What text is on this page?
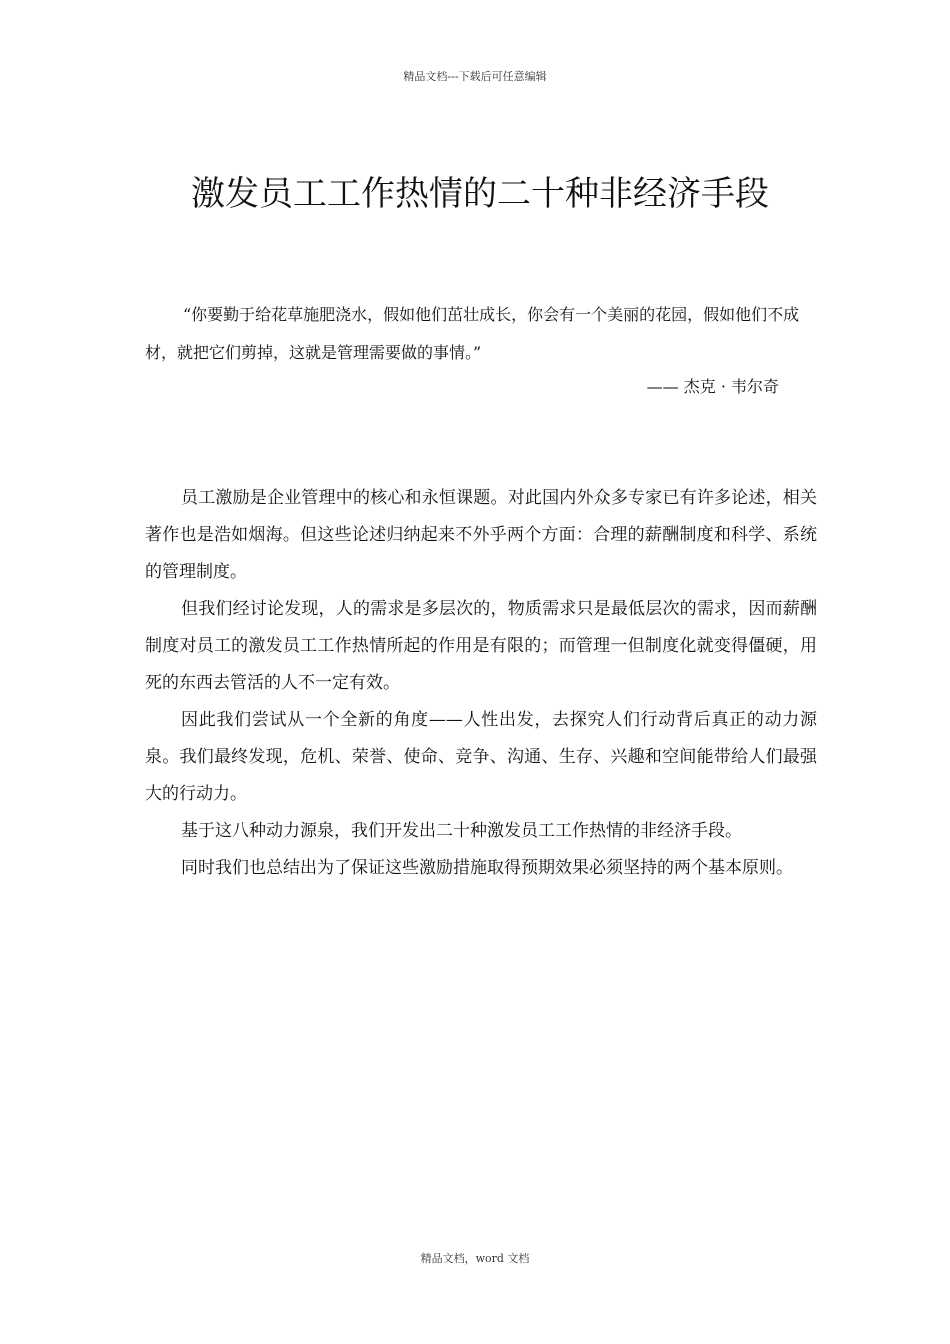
精品文档---下载后可任意编辑
激发员工工作热情的二十种非经济手段

“你要勤于给花草施肥浇水，假如他们茁壮成长，你会有一个美丽的花园，假如他们不成材，就把它们剪掉，这就是管理需要做的事情。”

—— 杰克 · 韦尔奇

员工激励是企业管理中的核心和永恒课题。对此国内外众多专家已有许多论述，相关著作也是浩如烟海。但这些论述归纳起来不外乎两个方面：合理的薪酬制度和科学、系统的管理制度。

但我们经讨论发现，人的需求是多层次的，物质需求只是最低层次的需求，因而薪酬制度对员工的激发员工工作热情所起的作用是有限的；而管理一但制度化就变得僵硬，用死的东西去管活的人不一定有效。

因此我们尝试从一个全新的角度——人性出发，去探究人们行动背后真正的动力源泉。我们最终发现，危机、荣誉、使命、竞争、沟通、生存、兴趣和空间能带给人们最强大的行动力。

基于这八种动力源泉，我们开发出二十种激发员工工作热情的非经济手段。

同时我们也总结出为了保证这些激励措施取得预期效果必须坚持的两个基本原则。

精品文档，word 文档
